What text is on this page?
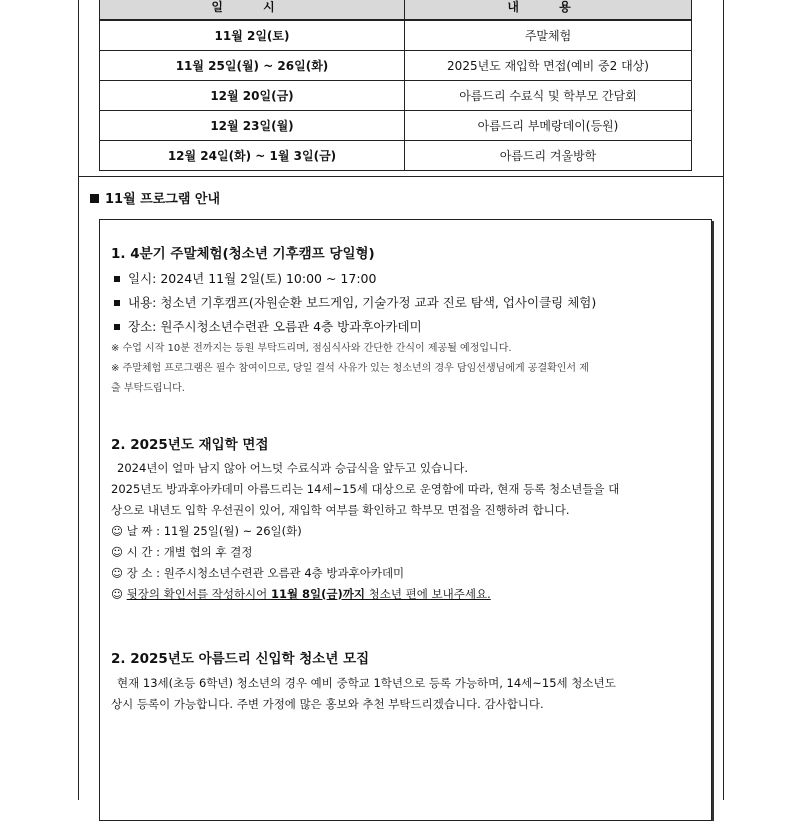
일 시	내 용
11월 2일(토)	주말체험
11월 25일(월) ~ 26일(화)	2025년도 재입학 면접(예비 중2 대상)
12월 20일(금)	아름드리 수료식 및 학부모 간담회
12월 23일(월)	아름드리 부메랑데이(등원)
12월 24일(화) ~ 1월 3일(금)	아름드리 겨울방학
11월 프로그램 안내
1. 4분기 주말체험(청소년 기후캠프 당일형)
일시: 2024년 11월 2일(토) 10:00 ~ 17:00
내용: 청소년 기후캠프(자원순환 보드게임, 기술가정 교과 진로 탐색, 업사이클링 체험)
장소: 원주시청소년수련관 오름관 4층 방과후아카데미
※ 수업 시작 10분 전까지는 등원 부탁드리며, 점심식사와 간단한 간식이 제공될 예정입니다.
※ 주말체험 프로그램은 필수 참여이므로, 당일 결석 사유가 있는 청소년의 경우 담임선생님에게 공결확인서 제
출 부탁드립니다.
2. 2025년도 재입학 면접

2024년이 얼마 남지 않아 어느덧 수료식과 승급식을 앞두고 있습니다.

2025년도 방과후아카데미 아름드리는 14세~15세 대상으로 운영함에 따라, 현재 등록 청소년들을 대

상으로 내년도 입학 우선권이 있어, 재입학 여부를 확인하고 학부모 면접을 진행하려 합니다.

☺ 날 짜 : 11월 25일(월) ~ 26일(화)

☺ 시 간 : 개별 협의 후 결정

☺ 장 소 : 원주시청소년수련관 오름관 4층 방과후아카데미

☺ 뒷장의 확인서를 작성하시어 11월 8일(금)까지 청소년 편에 보내주세요.

2. 2025년도 아름드리 신입학 청소년 모집

현재 13세(초등 6학년) 청소년의 경우 예비 중학교 1학년으로 등록 가능하며, 14세~15세 청소년도

상시 등록이 가능합니다. 주변 가정에 많은 홍보와 추천 부탁드리겠습니다. 감사합니다.
